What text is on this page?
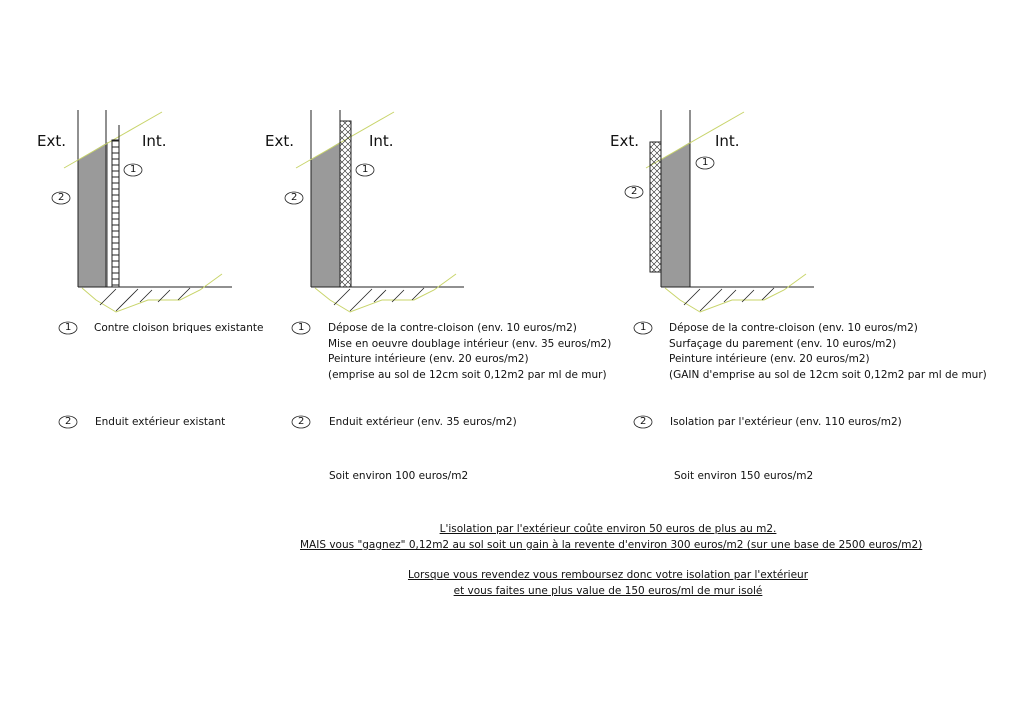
Ext.	Int.	Ext.	Int.	Ext.	Int.
1
2
1
2
1
2
1
2
1
2
1
2
Contre cloison briques existante
Enduit extérieur existant
Dépose de la contre-cloison (env. 10 euros/m2)
Mise en oeuvre doublage intérieur (env. 35 euros/m2)
Peinture intérieure (env. 20 euros/m2)
(emprise au sol de 12cm soit 0,12m2 par ml de mur)
Enduit extérieur (env. 35 euros/m2)
Soit environ 100 euros/m2
Dépose de la contre-cloison (env. 10 euros/m2)
Surfaçage du parement (env. 10 euros/m2)
Peinture intérieure (env. 20 euros/m2)
(GAIN d'emprise au sol de 12cm soit 0,12m2 par ml de mur)
Isolation par l'extérieur (env. 110 euros/m2)
Soit environ 150 euros/m2
L'isolation par l'extérieur coûte environ 50 euros de plus au m2.
MAIS vous "gagnez" 0,12m2 au sol soit un gain à la revente d'environ 300 euros/m2 (sur une base de 2500 euros/m2)
Lorsque vous revendez vous remboursez donc votre isolation par l'extérieur
et vous faites une plus value de 150 euros/ml de mur isolé
